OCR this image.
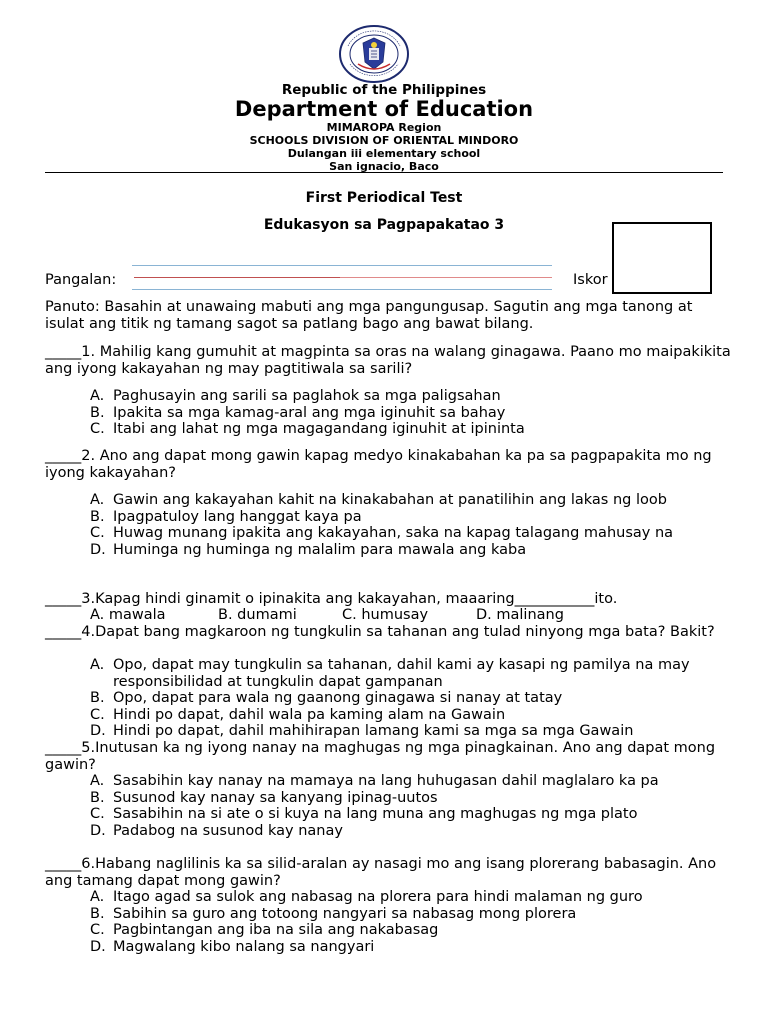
Republic of the Philippines
Department of Education
MIMAROPA Region
SCHOOLS DIVISION OF ORIENTAL MINDORO
Dulangan iii elementary school
San ignacio, Baco
First Periodical Test
Edukasyon sa Pagpapakatao 3
Pangalan:	Iskor
Panuto: Basahin at unawaing mabuti ang mga pangungusap. Sagutin ang mga tanong at isulat ang titik ng tamang sagot sa patlang bago ang bawat bilang.
_____1. Mahilig kang gumuhit at magpinta sa oras na walang ginagawa. Paano mo maipakikita ang iyong kakayahan ng may pagtitiwala sa sarili?
A. Paghusayin ang sarili sa paglahok sa mga paligsahan
B. Ipakita sa mga kamag-aral ang mga iginuhit sa bahay
C. Itabi ang lahat ng mga magagandang iginuhit at ipininta
_____2. Ano ang dapat mong gawin kapag medyo kinakabahan ka pa sa pagpapakita mo ng iyong kakayahan?
A. Gawin ang kakayahan kahit na kinakabahan at panatilihin ang lakas ng loob
B. Ipagpatuloy lang hanggat kaya pa
C. Huwag munang ipakita ang kakayahan, saka na kapag talagang mahusay na
D. Huminga ng huminga ng malalim para mawala ang kaba
_____3.Kapag hindi ginamit o ipinakita ang kakayahan, maaaring___________ito.
A. mawala	B. dumami	C. humusay	D. malinang
_____4.Dapat bang magkaroon ng tungkulin sa tahanan ang tulad ninyong mga bata? Bakit?
A. Opo, dapat may tungkulin sa tahanan, dahil kami ay kasapi ng pamilya na may responsibilidad at tungkulin dapat gampanan
B. Opo, dapat para wala ng gaanong ginagawa si nanay at tatay
C. Hindi po dapat, dahil wala pa kaming alam na Gawain
D. Hindi po dapat, dahil mahihirapan lamang kami sa mga sa mga Gawain
_____5.Inutusan ka ng iyong nanay na maghugas ng mga pinagkainan. Ano ang dapat mong gawin?
A. Sasabihin kay nanay na mamaya na lang huhugasan dahil maglalaro ka pa
B. Susunod kay nanay sa kanyang ipinag-uutos
C. Sasabihin na si ate o si kuya na lang muna ang maghugas ng mga plato
D. Padabog na susunod kay nanay
_____6.Habang naglilinis ka sa silid-aralan ay nasagi mo ang isang plorerang babasagin. Ano ang tamang dapat mong gawin?
A. Itago agad sa sulok ang nabasag na plorera para hindi malaman ng guro
B. Sabihin sa guro ang totoong nangyari sa nabasag mong plorera
C. Pagbintangan ang iba na sila ang nakabasag
D. Magwalang kibo nalang sa nangyari
